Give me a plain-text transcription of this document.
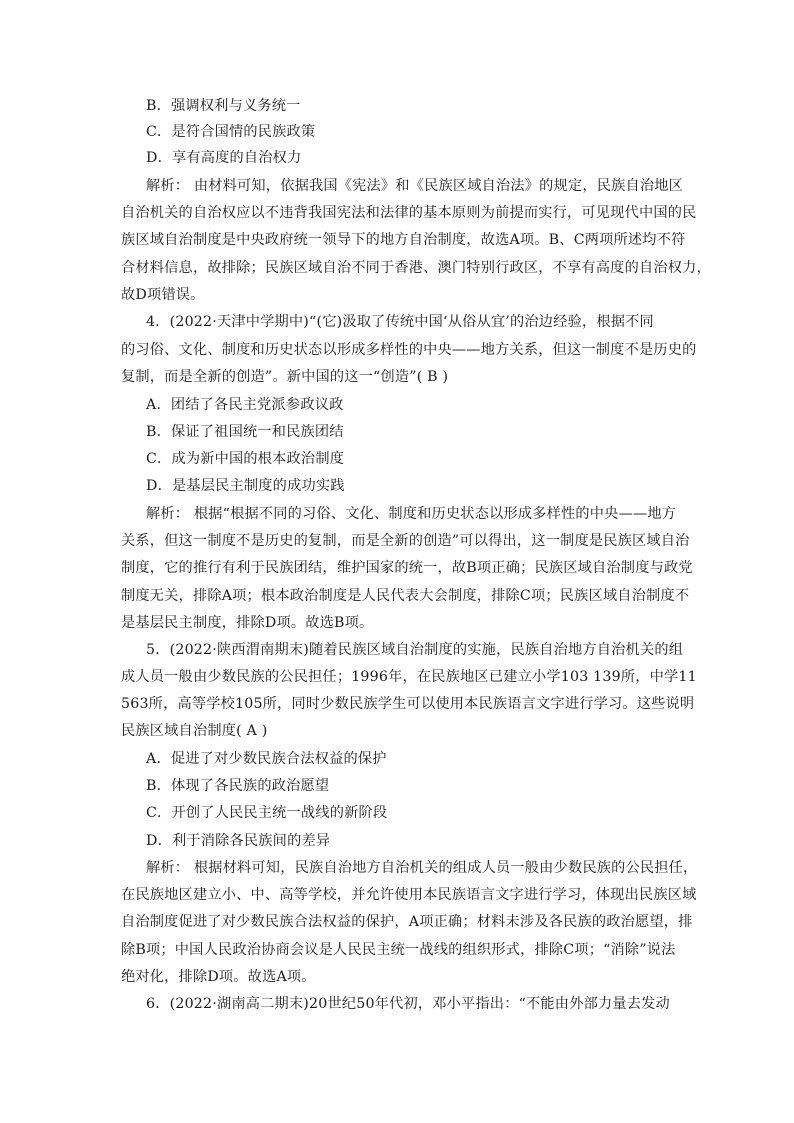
B．强调权利与义务统一
C．是符合国情的民族政策
D．享有高度的自治权力
解析： 由材料可知，依据我国《宪法》和《民族区域自治法》的规定，民族自治地区
自治机关的自治权应以不违背我国宪法和法律的基本原则为前提而实行，可见现代中国的民
族区域自治制度是中央政府统一领导下的地方自治制度，故选A项。B、C两项所述均不符
合材料信息，故排除；民族区域自治不同于香港、澳门特别行政区，不享有高度的自治权力，
故D项错误。
4．(2022·天津中学期中)“(它)汲取了传统中国‘从俗从宜’的治边经验，根据不同
的习俗、文化、制度和历史状态以形成多样性的中央——地方关系，但这一制度不是历史的
复制，而是全新的创造”。新中国的这一“创造”( B )
A．团结了各民主党派参政议政
B．保证了祖国统一和民族团结
C．成为新中国的根本政治制度
D．是基层民主制度的成功实践
解析： 根据“根据不同的习俗、文化、制度和历史状态以形成多样性的中央——地方
关系，但这一制度不是历史的复制，而是全新的创造”可以得出，这一制度是民族区域自治
制度，它的推行有利于民族团结，维护国家的统一，故B项正确；民族区域自治制度与政党
制度无关，排除A项；根本政治制度是人民代表大会制度，排除C项；民族区域自治制度不
是基层民主制度，排除D项。故选B项。
5．(2022·陕西渭南期末)随着民族区域自治制度的实施，民族自治地方自治机关的组
成人员一般由少数民族的公民担任；1996年，在民族地区已建立小学103 139所，中学11
563所，高等学校105所，同时少数民族学生可以使用本民族语言文字进行学习。这些说明
民族区域自治制度( A )
A．促进了对少数民族合法权益的保护
B．体现了各民族的政治愿望
C．开创了人民民主统一战线的新阶段
D．利于消除各民族间的差异
解析： 根据材料可知，民族自治地方自治机关的组成人员一般由少数民族的公民担任，
在民族地区建立小、中、高等学校，并允许使用本民族语言文字进行学习，体现出民族区域
自治制度促进了对少数民族合法权益的保护，A项正确；材料未涉及各民族的政治愿望，排
除B项；中国人民政治协商会议是人民民主统一战线的组织形式，排除C项；“消除”说法
绝对化，排除D项。故选A项。
6．(2022·湖南高二期末)20世纪50年代初，邓小平指出：“不能由外部力量去发动
